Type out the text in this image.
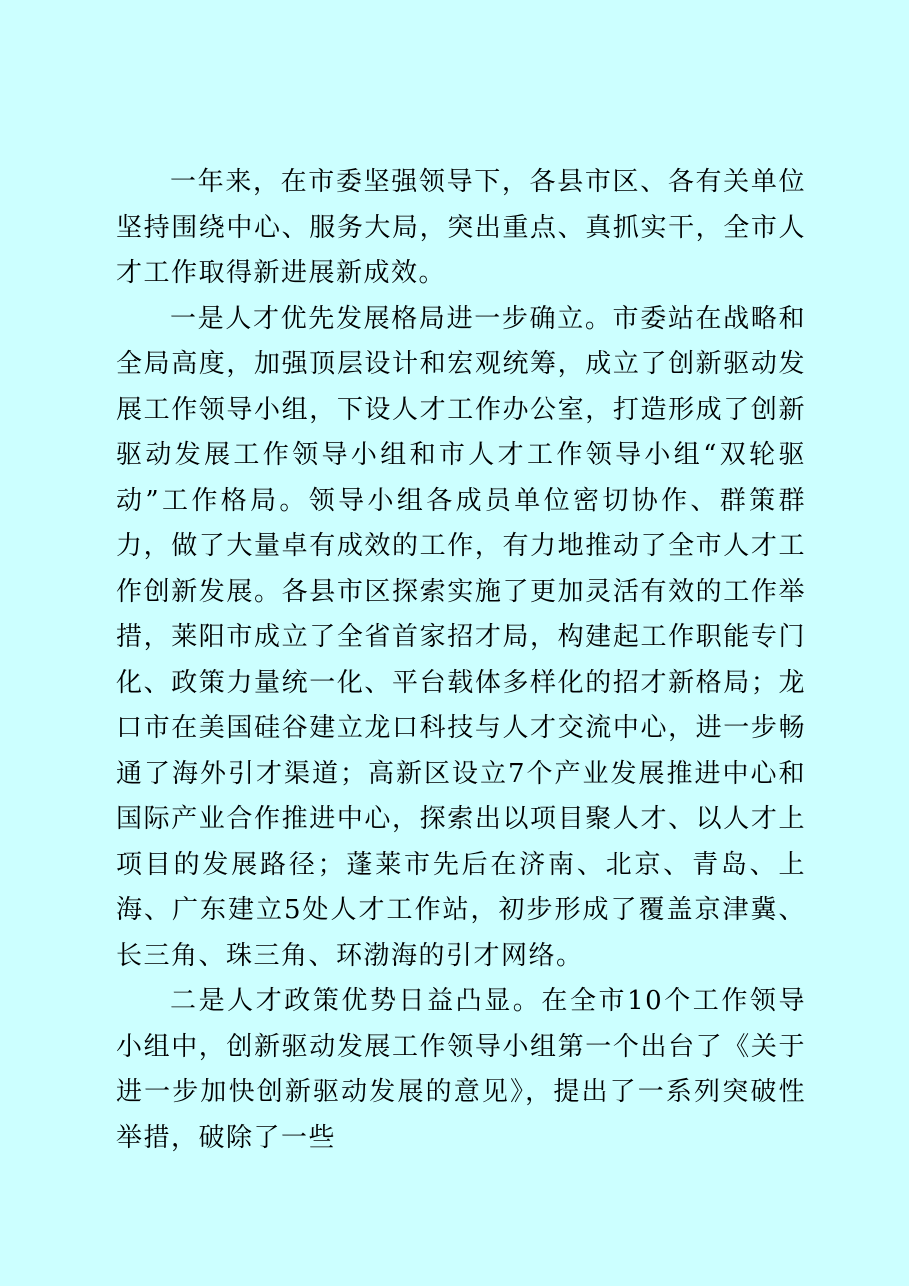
一年来，在市委坚强领导下，各县市区、各有关单位坚持围绕中心、服务大局，突出重点、真抓实干，全市人才工作取得新进展新成效。

一是人才优先发展格局进一步确立。市委站在战略和全局高度，加强顶层设计和宏观统筹，成立了创新驱动发展工作领导小组，下设人才工作办公室，打造形成了创新驱动发展工作领导小组和市人才工作领导小组“双轮驱动”工作格局。领导小组各成员单位密切协作、群策群力，做了大量卓有成效的工作，有力地推动了全市人才工作创新发展。各县市区探索实施了更加灵活有效的工作举措，莱阳市成立了全省首家招才局，构建起工作职能专门化、政策力量统一化、平台载体多样化的招才新格局；龙口市在美国硅谷建立龙口科技与人才交流中心，进一步畅通了海外引才渠道；高新区设立7个产业发展推进中心和国际产业合作推进中心，探索出以项目聚人才、以人才上项目的发展路径；蓬莱市先后在济南、北京、青岛、上海、广东建立5处人才工作站，初步形成了覆盖京津冀、长三角、珠三角、环渤海的引才网络。

二是人才政策优势日益凸显。在全市10个工作领导小组中，创新驱动发展工作领导小组第一个出台了《关于进一步加快创新驱动发展的意见》，提出了一系列突破性举措，破除了一些
